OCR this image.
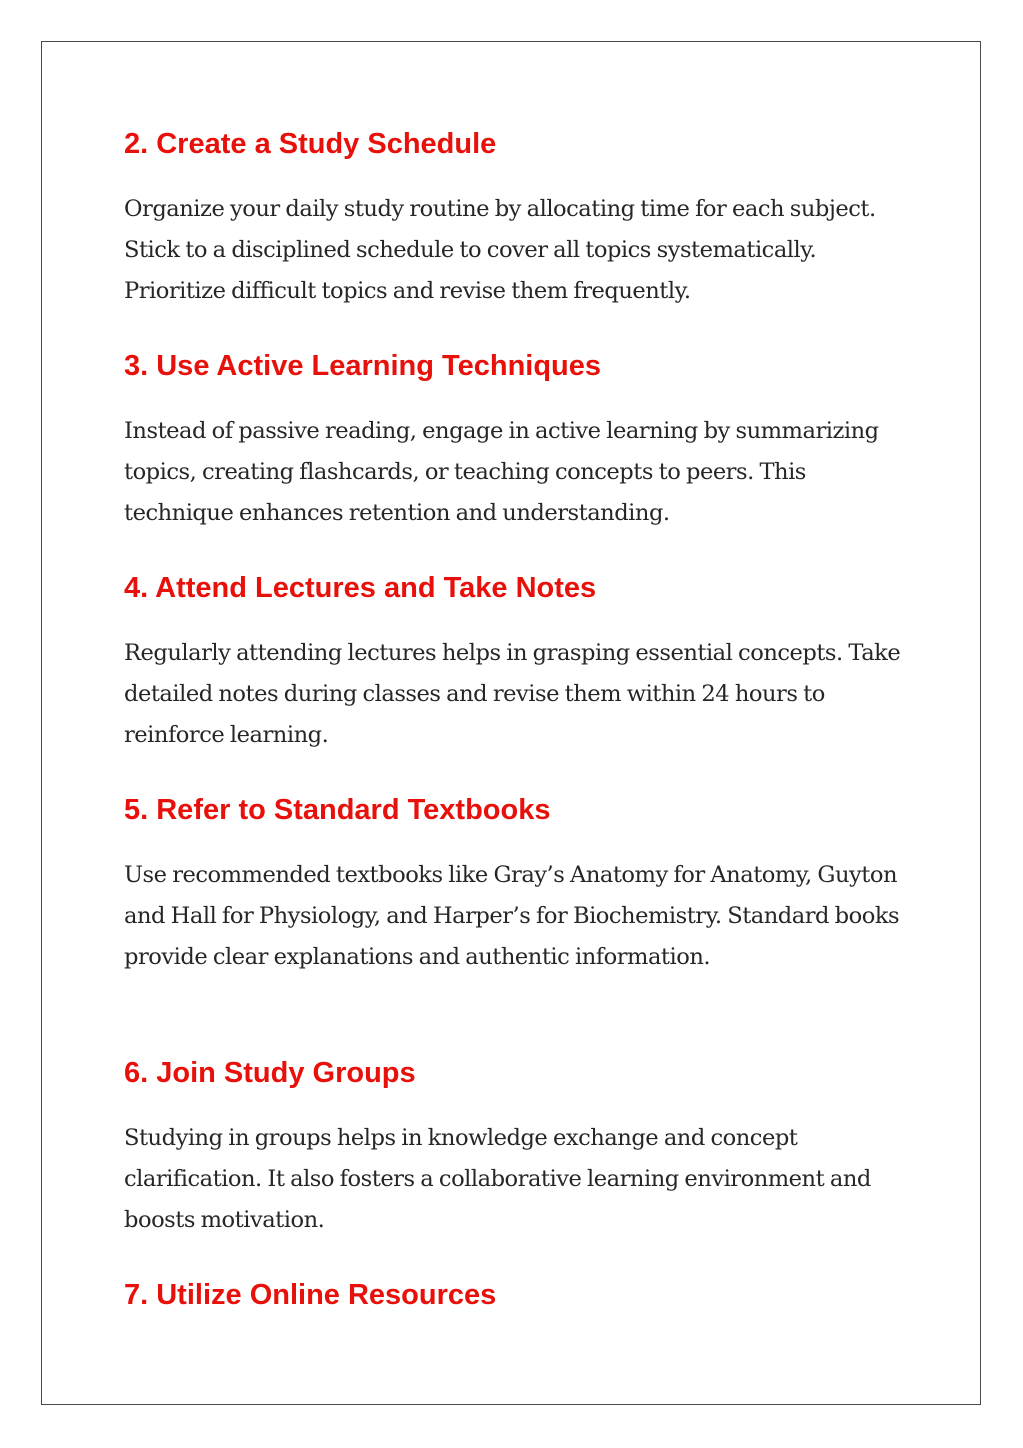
2. Create a Study Schedule

Organize your daily study routine by allocating time for each subject. Stick to a disciplined schedule to cover all topics systematically. Prioritize difficult topics and revise them frequently.

3. Use Active Learning Techniques

Instead of passive reading, engage in active learning by summarizing topics, creating flashcards, or teaching concepts to peers. This technique enhances retention and understanding.

4. Attend Lectures and Take Notes

Regularly attending lectures helps in grasping essential concepts. Take detailed notes during classes and revise them within 24 hours to reinforce learning.

5. Refer to Standard Textbooks

Use recommended textbooks like Gray’s Anatomy for Anatomy, Guyton and Hall for Physiology, and Harper’s for Biochemistry. Standard books provide clear explanations and authentic information.

6. Join Study Groups

Studying in groups helps in knowledge exchange and concept clarification. It also fosters a collaborative learning environment and boosts motivation.

7. Utilize Online Resources
